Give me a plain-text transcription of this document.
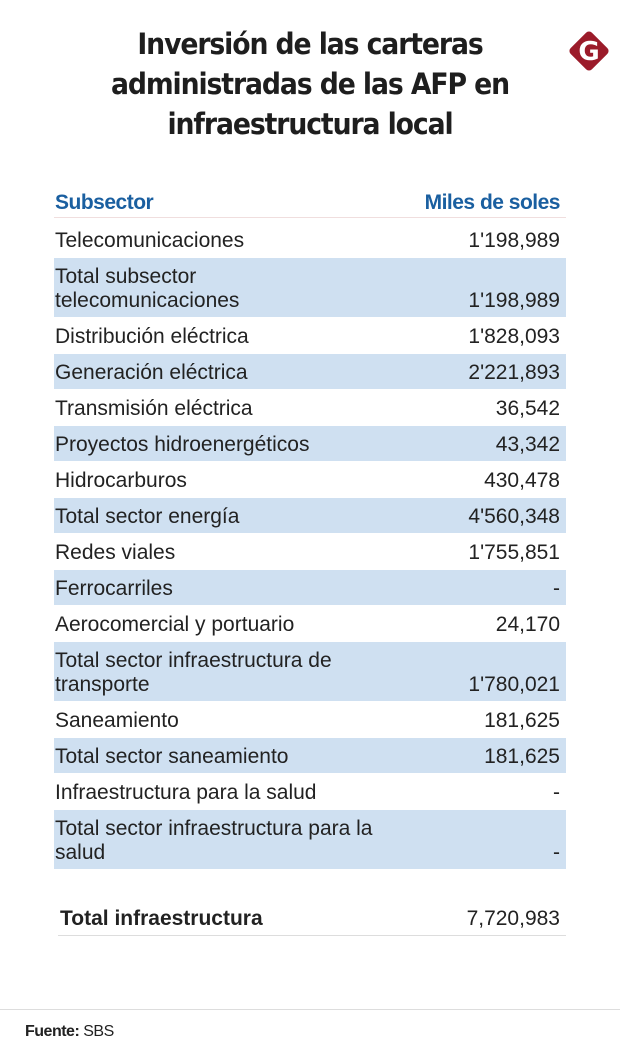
Inversión de las carteras administradas de las AFP en infraestructura local
G
Subsector	Miles de soles
Telecomunicaciones	1'198,989
Total subsector telecomunicaciones	1'198,989
Distribución eléctrica	1'828,093
Generación eléctrica	2'221,893
Transmisión eléctrica	36,542
Proyectos hidroenergéticos	43,342
Hidrocarburos	430,478
Total sector energía	4'560,348
Redes viales	1'755,851
Ferrocarriles	-
Aerocomercial y portuario	24,170
Total sector infraestructura de transporte	1'780,021
Saneamiento	181,625
Total sector saneamiento	181,625
Infraestructura para la salud	-
Total sector infraestructura para la salud	-
Total infraestructura	7,720,983
Fuente: SBS
